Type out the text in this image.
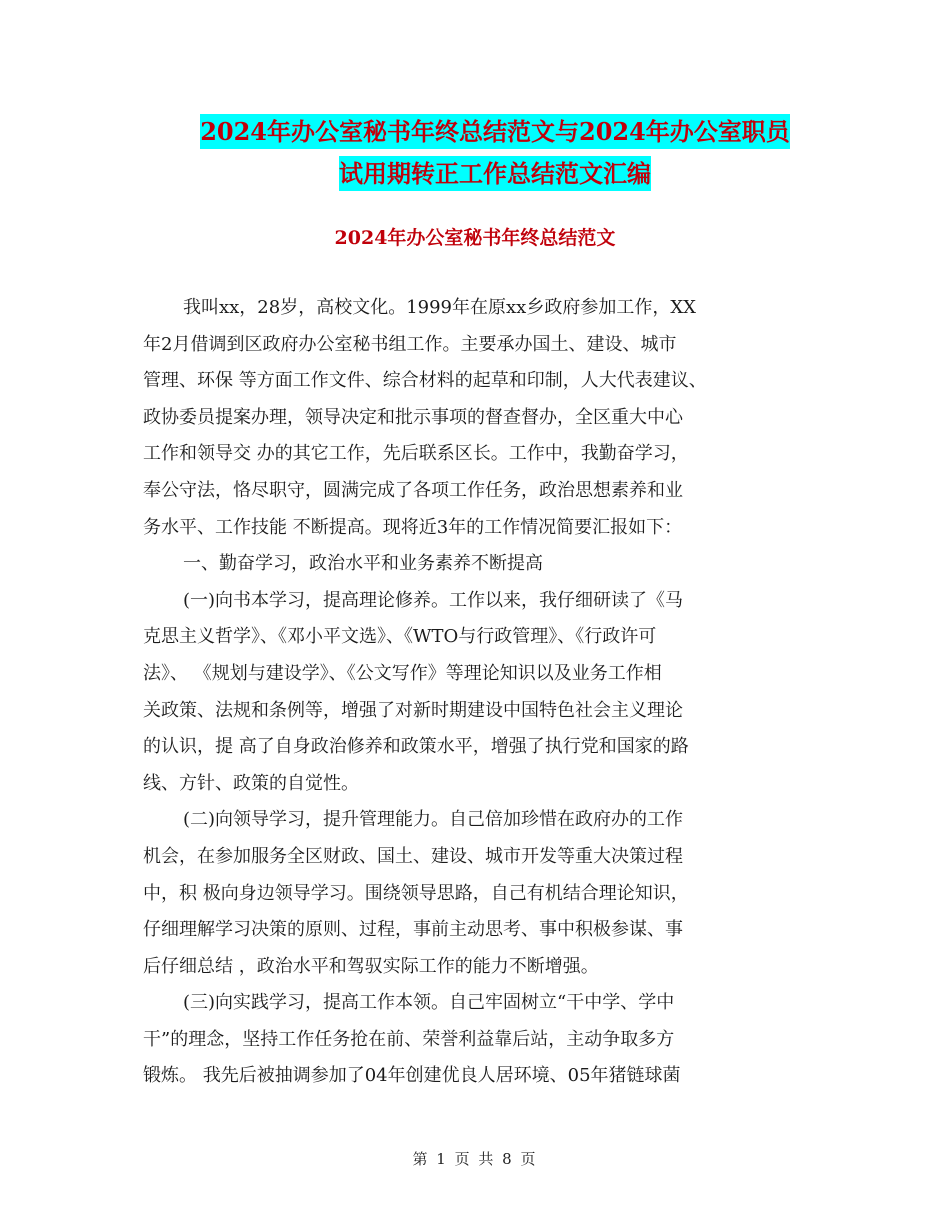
2024年办公室秘书年终总结范文与2024年办公室职员
试用期转正工作总结范文汇编
2024年办公室秘书年终总结范文
我叫xx，28岁，高校文化。1999年在原xx乡政府参加工作，XX
年2月借调到区政府办公室秘书组工作。主要承办国土、建设、城市
管理、环保 等方面工作文件、综合材料的起草和印制，人大代表建议、
政协委员提案办理，领导决定和批示事项的督查督办，全区重大中心
工作和领导交 办的其它工作，先后联系区长。工作中，我勤奋学习，
奉公守法，恪尽职守，圆满完成了各项工作任务，政治思想素养和业
务水平、工作技能 不断提高。现将近3年的工作情况简要汇报如下：
一、勤奋学习，政治水平和业务素养不断提高
(一)向书本学习，提高理论修养。工作以来，我仔细研读了《马
克思主义哲学》、《邓小平文选》、《WTO与行政管理》、《行政许可
法》、 《规划与建设学》、《公文写作》等理论知识以及业务工作相
关政策、法规和条例等，增强了对新时期建设中国特色社会主义理论
的认识，提 高了自身政治修养和政策水平，增强了执行党和国家的路
线、方针、政策的自觉性。
(二)向领导学习，提升管理能力。自己倍加珍惜在政府办的工作
机会，在参加服务全区财政、国土、建设、城市开发等重大决策过程
中，积 极向身边领导学习。围绕领导思路，自己有机结合理论知识，
仔细理解学习决策的原则、过程，事前主动思考、事中积极参谋、事
后仔细总结 ，政治水平和驾驭实际工作的能力不断增强。
(三)向实践学习，提高工作本领。自己牢固树立“干中学、学中
干”的理念，坚持工作任务抢在前、荣誉利益靠后站，主动争取多方
锻炼。 我先后被抽调参加了04年创建优良人居环境、05年猪链球菌
第 1 页 共 8 页
